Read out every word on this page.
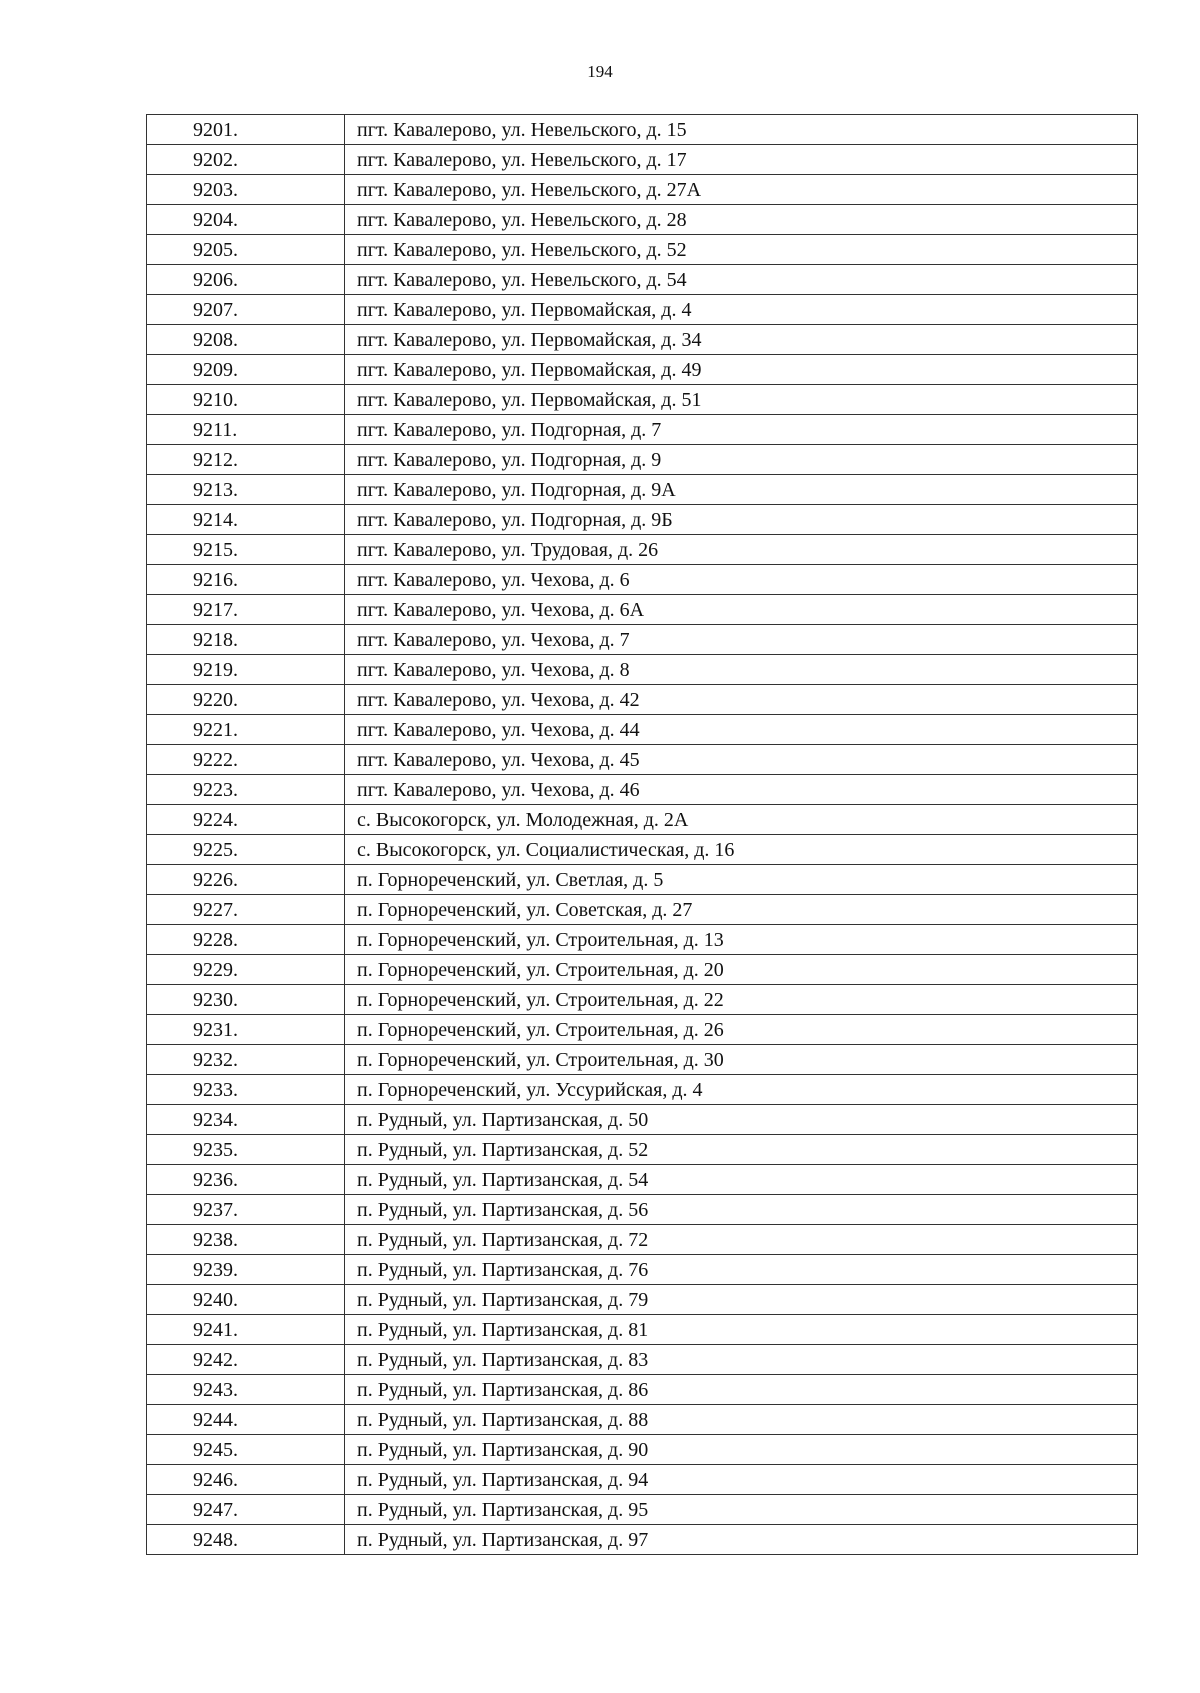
194
9201.	пгт. Кавалерово, ул. Невельского, д. 15
9202.	пгт. Кавалерово, ул. Невельского, д. 17
9203.	пгт. Кавалерово, ул. Невельского, д. 27А
9204.	пгт. Кавалерово, ул. Невельского, д. 28
9205.	пгт. Кавалерово, ул. Невельского, д. 52
9206.	пгт. Кавалерово, ул. Невельского, д. 54
9207.	пгт. Кавалерово, ул. Первомайская, д. 4
9208.	пгт. Кавалерово, ул. Первомайская, д. 34
9209.	пгт. Кавалерово, ул. Первомайская, д. 49
9210.	пгт. Кавалерово, ул. Первомайская, д. 51
9211.	пгт. Кавалерово, ул. Подгорная, д. 7
9212.	пгт. Кавалерово, ул. Подгорная, д. 9
9213.	пгт. Кавалерово, ул. Подгорная, д. 9А
9214.	пгт. Кавалерово, ул. Подгорная, д. 9Б
9215.	пгт. Кавалерово, ул. Трудовая, д. 26
9216.	пгт. Кавалерово, ул. Чехова, д. 6
9217.	пгт. Кавалерово, ул. Чехова, д. 6А
9218.	пгт. Кавалерово, ул. Чехова, д. 7
9219.	пгт. Кавалерово, ул. Чехова, д. 8
9220.	пгт. Кавалерово, ул. Чехова, д. 42
9221.	пгт. Кавалерово, ул. Чехова, д. 44
9222.	пгт. Кавалерово, ул. Чехова, д. 45
9223.	пгт. Кавалерово, ул. Чехова, д. 46
9224.	с. Высокогорск, ул. Молодежная, д. 2А
9225.	с. Высокогорск, ул. Социалистическая, д. 16
9226.	п. Горнореченский, ул. Светлая, д. 5
9227.	п. Горнореченский, ул. Советская, д. 27
9228.	п. Горнореченский, ул. Строительная, д. 13
9229.	п. Горнореченский, ул. Строительная, д. 20
9230.	п. Горнореченский, ул. Строительная, д. 22
9231.	п. Горнореченский, ул. Строительная, д. 26
9232.	п. Горнореченский, ул. Строительная, д. 30
9233.	п. Горнореченский, ул. Уссурийская, д. 4
9234.	п. Рудный, ул. Партизанская, д. 50
9235.	п. Рудный, ул. Партизанская, д. 52
9236.	п. Рудный, ул. Партизанская, д. 54
9237.	п. Рудный, ул. Партизанская, д. 56
9238.	п. Рудный, ул. Партизанская, д. 72
9239.	п. Рудный, ул. Партизанская, д. 76
9240.	п. Рудный, ул. Партизанская, д. 79
9241.	п. Рудный, ул. Партизанская, д. 81
9242.	п. Рудный, ул. Партизанская, д. 83
9243.	п. Рудный, ул. Партизанская, д. 86
9244.	п. Рудный, ул. Партизанская, д. 88
9245.	п. Рудный, ул. Партизанская, д. 90
9246.	п. Рудный, ул. Партизанская, д. 94
9247.	п. Рудный, ул. Партизанская, д. 95
9248.	п. Рудный, ул. Партизанская, д. 97
